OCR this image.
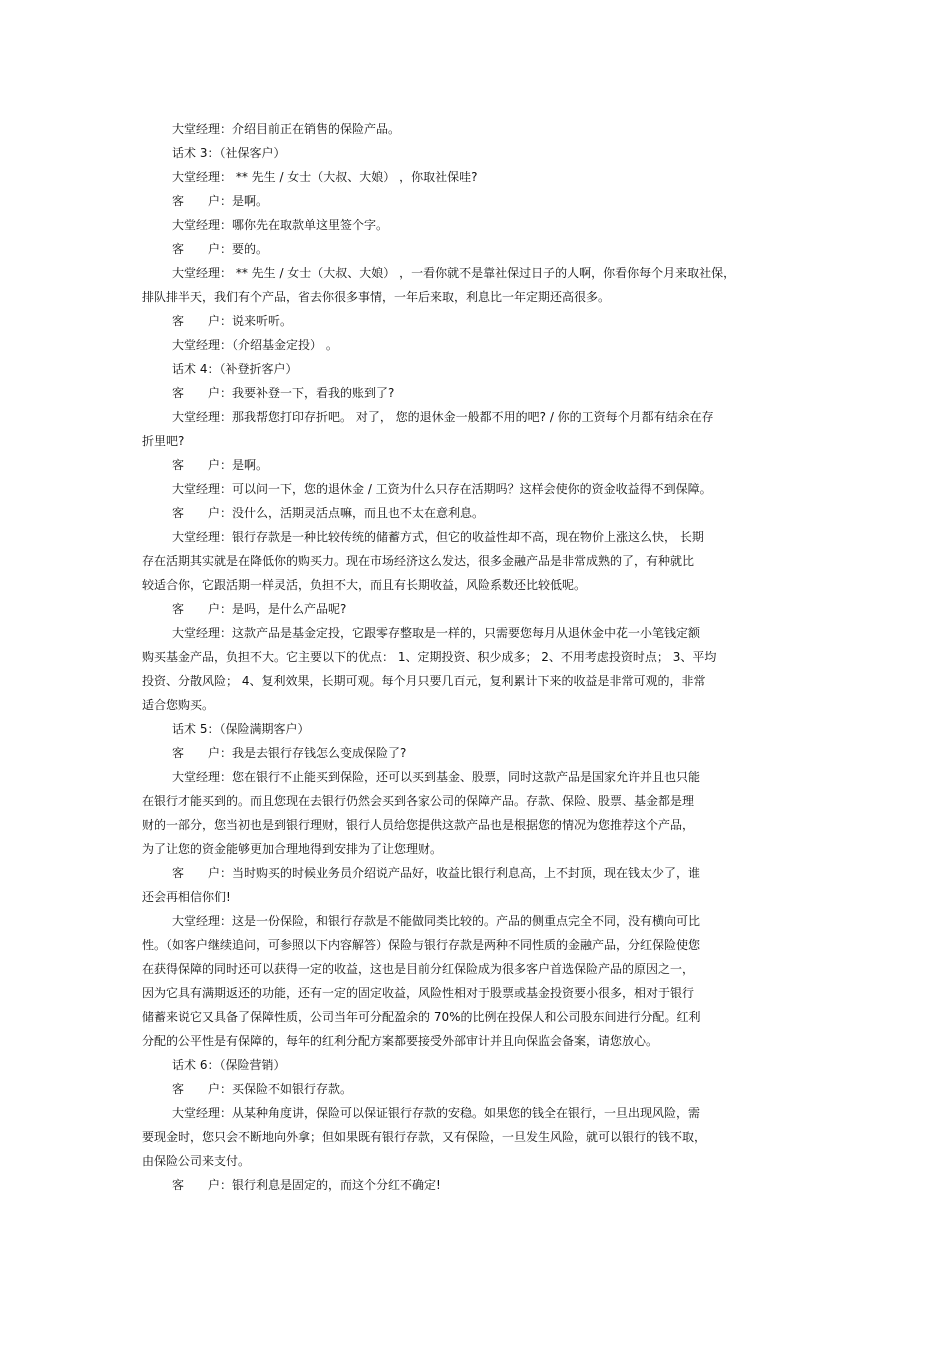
大堂经理：介绍目前正在销售的保险产品。
话术 3：（社保客户）
大堂经理： ** 先生 / 女士（大叔、大娘） ，你取社保哇?
客　　户：是啊。
大堂经理：哪你先在取款单这里签个字。
客　　户：要的。
大堂经理： ** 先生 / 女士（大叔、大娘） ，一看你就不是靠社保过日子的人啊，你看你每个月来取社保，
排队排半天，我们有个产品，省去你很多事情，一年后来取，利息比一年定期还高很多。
客　　户：说来听听。
大堂经理：（介绍基金定投） 。
话术 4：（补登折客户）
客　　户：我要补登一下，看我的账到了?
大堂经理：那我帮您打印存折吧。 对了， 您的退休金一般都不用的吧? / 你的工资每个月都有结余在存
折里吧?
客　　户：是啊。
大堂经理：可以问一下，您的退休金 / 工资为什么只存在活期吗？这样会使你的资金收益得不到保障。
客　　户：没什么，活期灵活点嘛，而且也不太在意利息。
大堂经理：银行存款是一种比较传统的储蓄方式，但它的收益性却不高，现在物价上涨这么快， 长期
存在活期其实就是在降低你的购买力。现在市场经济这么发达，很多金融产品是非常成熟的了，有种就比
较适合你，它跟活期一样灵活，负担不大，而且有长期收益，风险系数还比较低呢。
客　　户：是吗，是什么产品呢?
大堂经理：这款产品是基金定投，它跟零存整取是一样的，只需要您每月从退休金中花一小笔钱定额
购买基金产品，负担不大。它主要以下的优点： 1、定期投资、积少成多； 2、不用考虑投资时点； 3、平均
投资、分散风险； 4、复利效果，长期可观。每个月只要几百元，复利累计下来的收益是非常可观的，非常
适合您购买。
话术 5：（保险满期客户）
客　　户：我是去银行存钱怎么变成保险了?
大堂经理：您在银行不止能买到保险，还可以买到基金、股票，同时这款产品是国家允许并且也只能
在银行才能买到的。而且您现在去银行仍然会买到各家公司的保障产品。存款、保险、股票、基金都是理
财的一部分，您当初也是到银行理财，银行人员给您提供这款产品也是根据您的情况为您推荐这个产品，
为了让您的资金能够更加合理地得到安排为了让您理财。
客　　户：当时购买的时候业务员介绍说产品好，收益比银行利息高，上不封顶，现在钱太少了，谁
还会再相信你们!
大堂经理：这是一份保险，和银行存款是不能做同类比较的。产品的侧重点完全不同，没有横向可比
性。（如客户继续追问，可参照以下内容解答）保险与银行存款是两种不同性质的金融产品，分红保险使您
在获得保障的同时还可以获得一定的收益，这也是目前分红保险成为很多客户首选保险产品的原因之一，
因为它具有满期返还的功能，还有一定的固定收益，风险性相对于股票或基金投资要小很多，相对于银行
储蓄来说它又具备了保障性质，公司当年可分配盈余的 70%的比例在投保人和公司股东间进行分配。红利
分配的公平性是有保障的，每年的红利分配方案都要接受外部审计并且向保监会备案，请您放心。
话术 6：（保险营销）
客　　户：买保险不如银行存款。
大堂经理：从某种角度讲，保险可以保证银行存款的安稳。如果您的钱全在银行，一旦出现风险，需
要现金时，您只会不断地向外拿；但如果既有银行存款，又有保险，一旦发生风险，就可以银行的钱不取，
由保险公司来支付。
客　　户：银行利息是固定的，而这个分红不确定!
